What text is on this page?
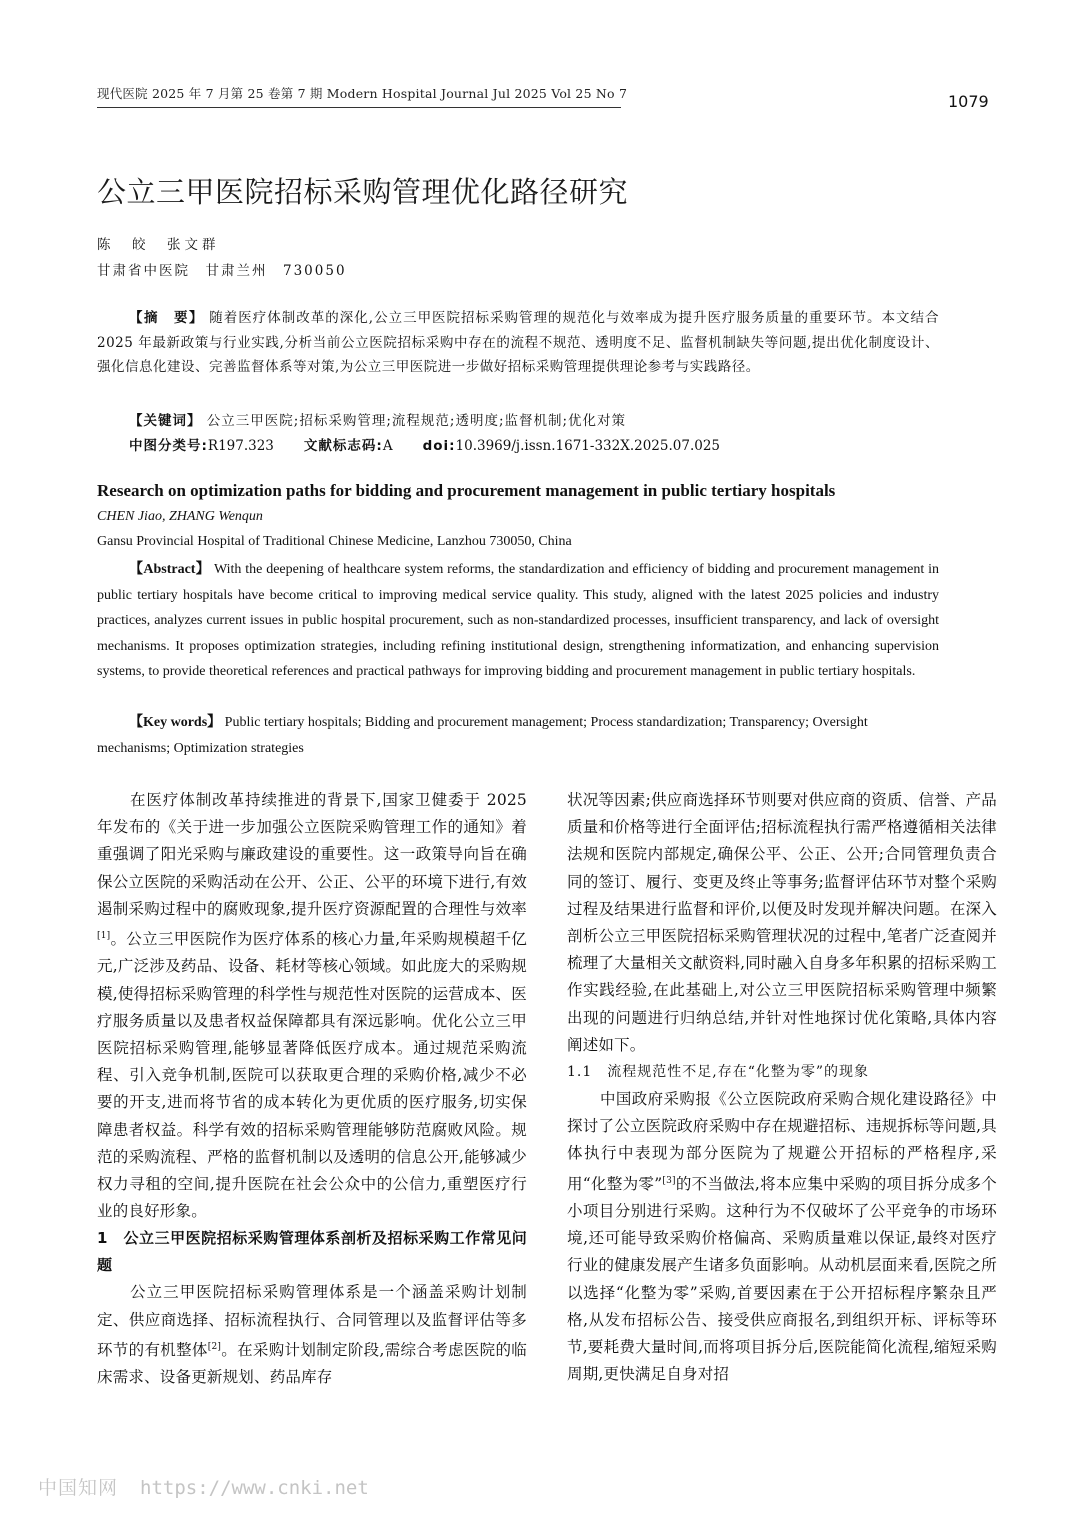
现代医院 2025 年 7 月第 25 卷第 7 期 Modern Hospital Journal Jul 2025 Vol 25 No 7	1079
公立三甲医院招标采购管理优化路径研究
陈　皎　张文群
甘肃省中医院　甘肃兰州　730050
【摘　要】 随着医疗体制改革的深化,公立三甲医院招标采购管理的规范化与效率成为提升医疗服务质量的重要环节。本文结合 2025 年最新政策与行业实践,分析当前公立医院招标采购中存在的流程不规范、透明度不足、监督机制缺失等问题,提出优化制度设计、强化信息化建设、完善监督体系等对策,为公立三甲医院进一步做好招标采购管理提供理论参考与实践路径。
【关键词】 公立三甲医院;招标采购管理;流程规范;透明度;监督机制;优化对策
中图分类号:R197.323 文献标志码:A doi:10.3969/j.issn.1671-332X.2025.07.025
Research on optimization paths for bidding and procurement management in public tertiary hospitals
CHEN Jiao, ZHANG Wenqun
Gansu Provincial Hospital of Traditional Chinese Medicine, Lanzhou 730050, China
【Abstract】 With the deepening of healthcare system reforms, the standardization and efficiency of bidding and procurement management in public tertiary hospitals have become critical to improving medical service quality. This study, aligned with the latest 2025 policies and industry practices, analyzes current issues in public hospital procurement, such as non-standardized processes, insufficient transparency, and lack of oversight mechanisms. It proposes optimization strategies, including refining institutional design, strengthening informatization, and enhancing supervision systems, to provide theoretical references and practical pathways for improving bidding and procurement management in public tertiary hospitals.
【Key words】 Public tertiary hospitals; Bidding and procurement management; Process standardization; Transparency; Oversight mechanisms; Optimization strategies

在医疗体制改革持续推进的背景下,国家卫健委于 2025 年发布的《关于进一步加强公立医院采购管理工作的通知》着重强调了阳光采购与廉政建设的重要性。这一政策导向旨在确保公立医院的采购活动在公开、公正、公平的环境下进行,有效遏制采购过程中的腐败现象,提升医疗资源配置的合理性与效率[1]。公立三甲医院作为医疗体系的核心力量,年采购规模超千亿元,广泛涉及药品、设备、耗材等核心领域。如此庞大的采购规模,使得招标采购管理的科学性与规范性对医院的运营成本、医疗服务质量以及患者权益保障都具有深远影响。优化公立三甲医院招标采购管理,能够显著降低医疗成本。通过规范采购流程、引入竞争机制,医院可以获取更合理的采购价格,减少不必要的开支,进而将节省的成本转化为更优质的医疗服务,切实保障患者权益。科学有效的招标采购管理能够防范腐败风险。规范的采购流程、严格的监督机制以及透明的信息公开,能够减少权力寻租的空间,提升医院在社会公众中的公信力,重塑医疗行业的良好形象。

1　公立三甲医院招标采购管理体系剖析及招标采购工作常见问题

公立三甲医院招标采购管理体系是一个涵盖采购计划制定、供应商选择、招标流程执行、合同管理以及监督评估等多环节的有机整体[2]。在采购计划制定阶段,需综合考虑医院的临床需求、设备更新规划、药品库存

状况等因素;供应商选择环节则要对供应商的资质、信誉、产品质量和价格等进行全面评估;招标流程执行需严格遵循相关法律法规和医院内部规定,确保公平、公正、公开;合同管理负责合同的签订、履行、变更及终止等事务;监督评估环节对整个采购过程及结果进行监督和评价,以便及时发现并解决问题。在深入剖析公立三甲医院招标采购管理状况的过程中,笔者广泛查阅并梳理了大量相关文献资料,同时融入自身多年积累的招标采购工作实践经验,在此基础上,对公立三甲医院招标采购管理中频繁出现的问题进行归纳总结,并针对性地探讨优化策略,具体内容阐述如下。

1.1　流程规范性不足,存在“化整为零”的现象

中国政府采购报《公立医院政府采购合规化建设路径》中探讨了公立医院政府采购中存在规避招标、违规拆标等问题,具体执行中表现为部分医院为了规避公开招标的严格程序,采用“化整为零”[3]的不当做法,将本应集中采购的项目拆分成多个小项目分别进行采购。这种行为不仅破坏了公平竞争的市场环境,还可能导致采购价格偏高、采购质量难以保证,最终对医疗行业的健康发展产生诸多负面影响。从动机层面来看,医院之所以选择“化整为零”采购,首要因素在于公开招标程序繁杂且严格,从发布招标公告、接受供应商报名,到组织开标、评标等环节,要耗费大量时间,而将项目拆分后,医院能简化流程,缩短采购周期,更快满足自身对招

中国知网 https://www.cnki.net
